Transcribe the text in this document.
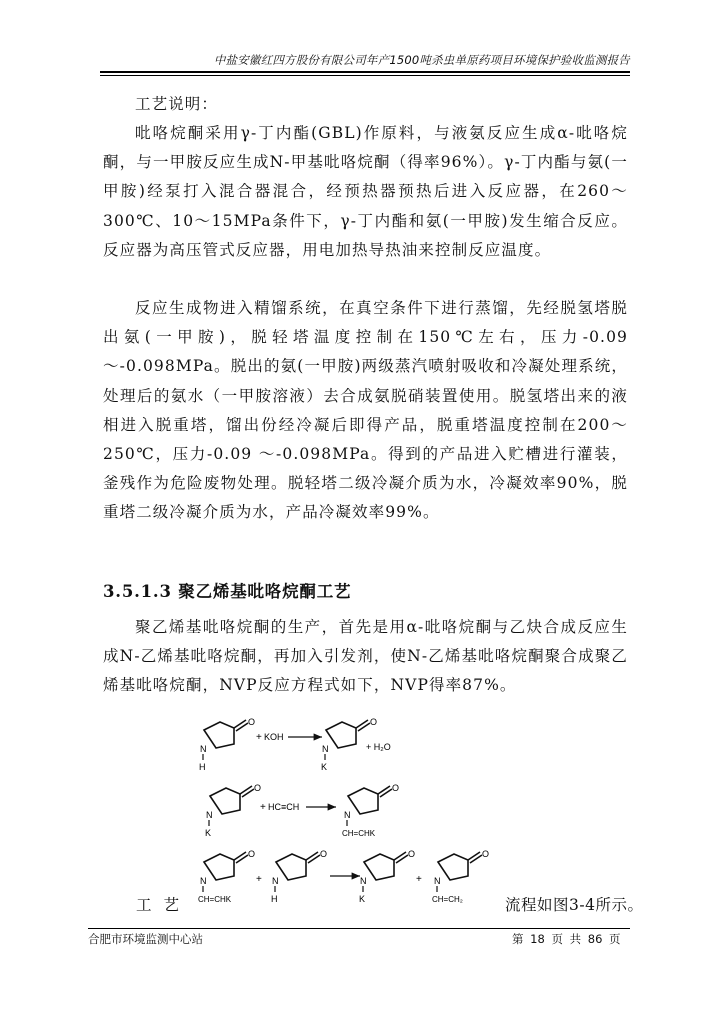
中盐安徽红四方股份有限公司年产1500吨杀虫单原药项目环境保护验收监测报告
工艺说明：
吡咯烷酮采用γ-丁内酯(GBL)作原料，与液氨反应生成α-吡咯烷酮，与一甲胺反应生成N-甲基吡咯烷酮（得率96%）。γ-丁内酯与氨(一甲胺)经泵打入混合器混合，经预热器预热后进入反应器，在260～300℃、10～15MPa条件下，γ-丁内酯和氨(一甲胺)发生缩合反应。反应器为高压管式反应器，用电加热导热油来控制反应温度。
反应生成物进入精馏系统，在真空条件下进行蒸馏，先经脱氢塔脱出氨(一甲胺)，脱轻塔温度控制在150℃左右，压力-0.09 ～-0.098MPa。脱出的氨(一甲胺)两级蒸汽喷射吸收和冷凝处理系统，处理后的氨水（一甲胺溶液）去合成氨脱硝装置使用。脱氢塔出来的液相进入脱重塔，馏出份经冷凝后即得产品，脱重塔温度控制在200～250℃，压力-0.09 ～-0.098MPa。得到的产品进入贮槽进行灌装，釜残作为危险废物处理。脱轻塔二级冷凝介质为水，冷凝效率90%，脱重塔二级冷凝介质为水，产品冷凝效率99%。
3.5.1.3 聚乙烯基吡咯烷酮工艺
聚乙烯基吡咯烷酮的生产，首先是用α-吡咯烷酮与乙炔合成反应生成N-乙烯基吡咯烷酮，再加入引发剂，使N-乙烯基吡咯烷酮聚合成聚乙烯基吡咯烷酮，NVP反应方程式如下，NVP得率87%。
N
O
H
+ KOH
N
O
K
+ H₂O
N
O
K
+ HC≡CH
N
O
CH=CHK
N
O
CH=CHK
+ N
O
H
N
O
K
+ N
O
CH=CH₂
工艺	流程如图3-4所示。
合肥市环境监测中心站	第 18 页 共 86 页
